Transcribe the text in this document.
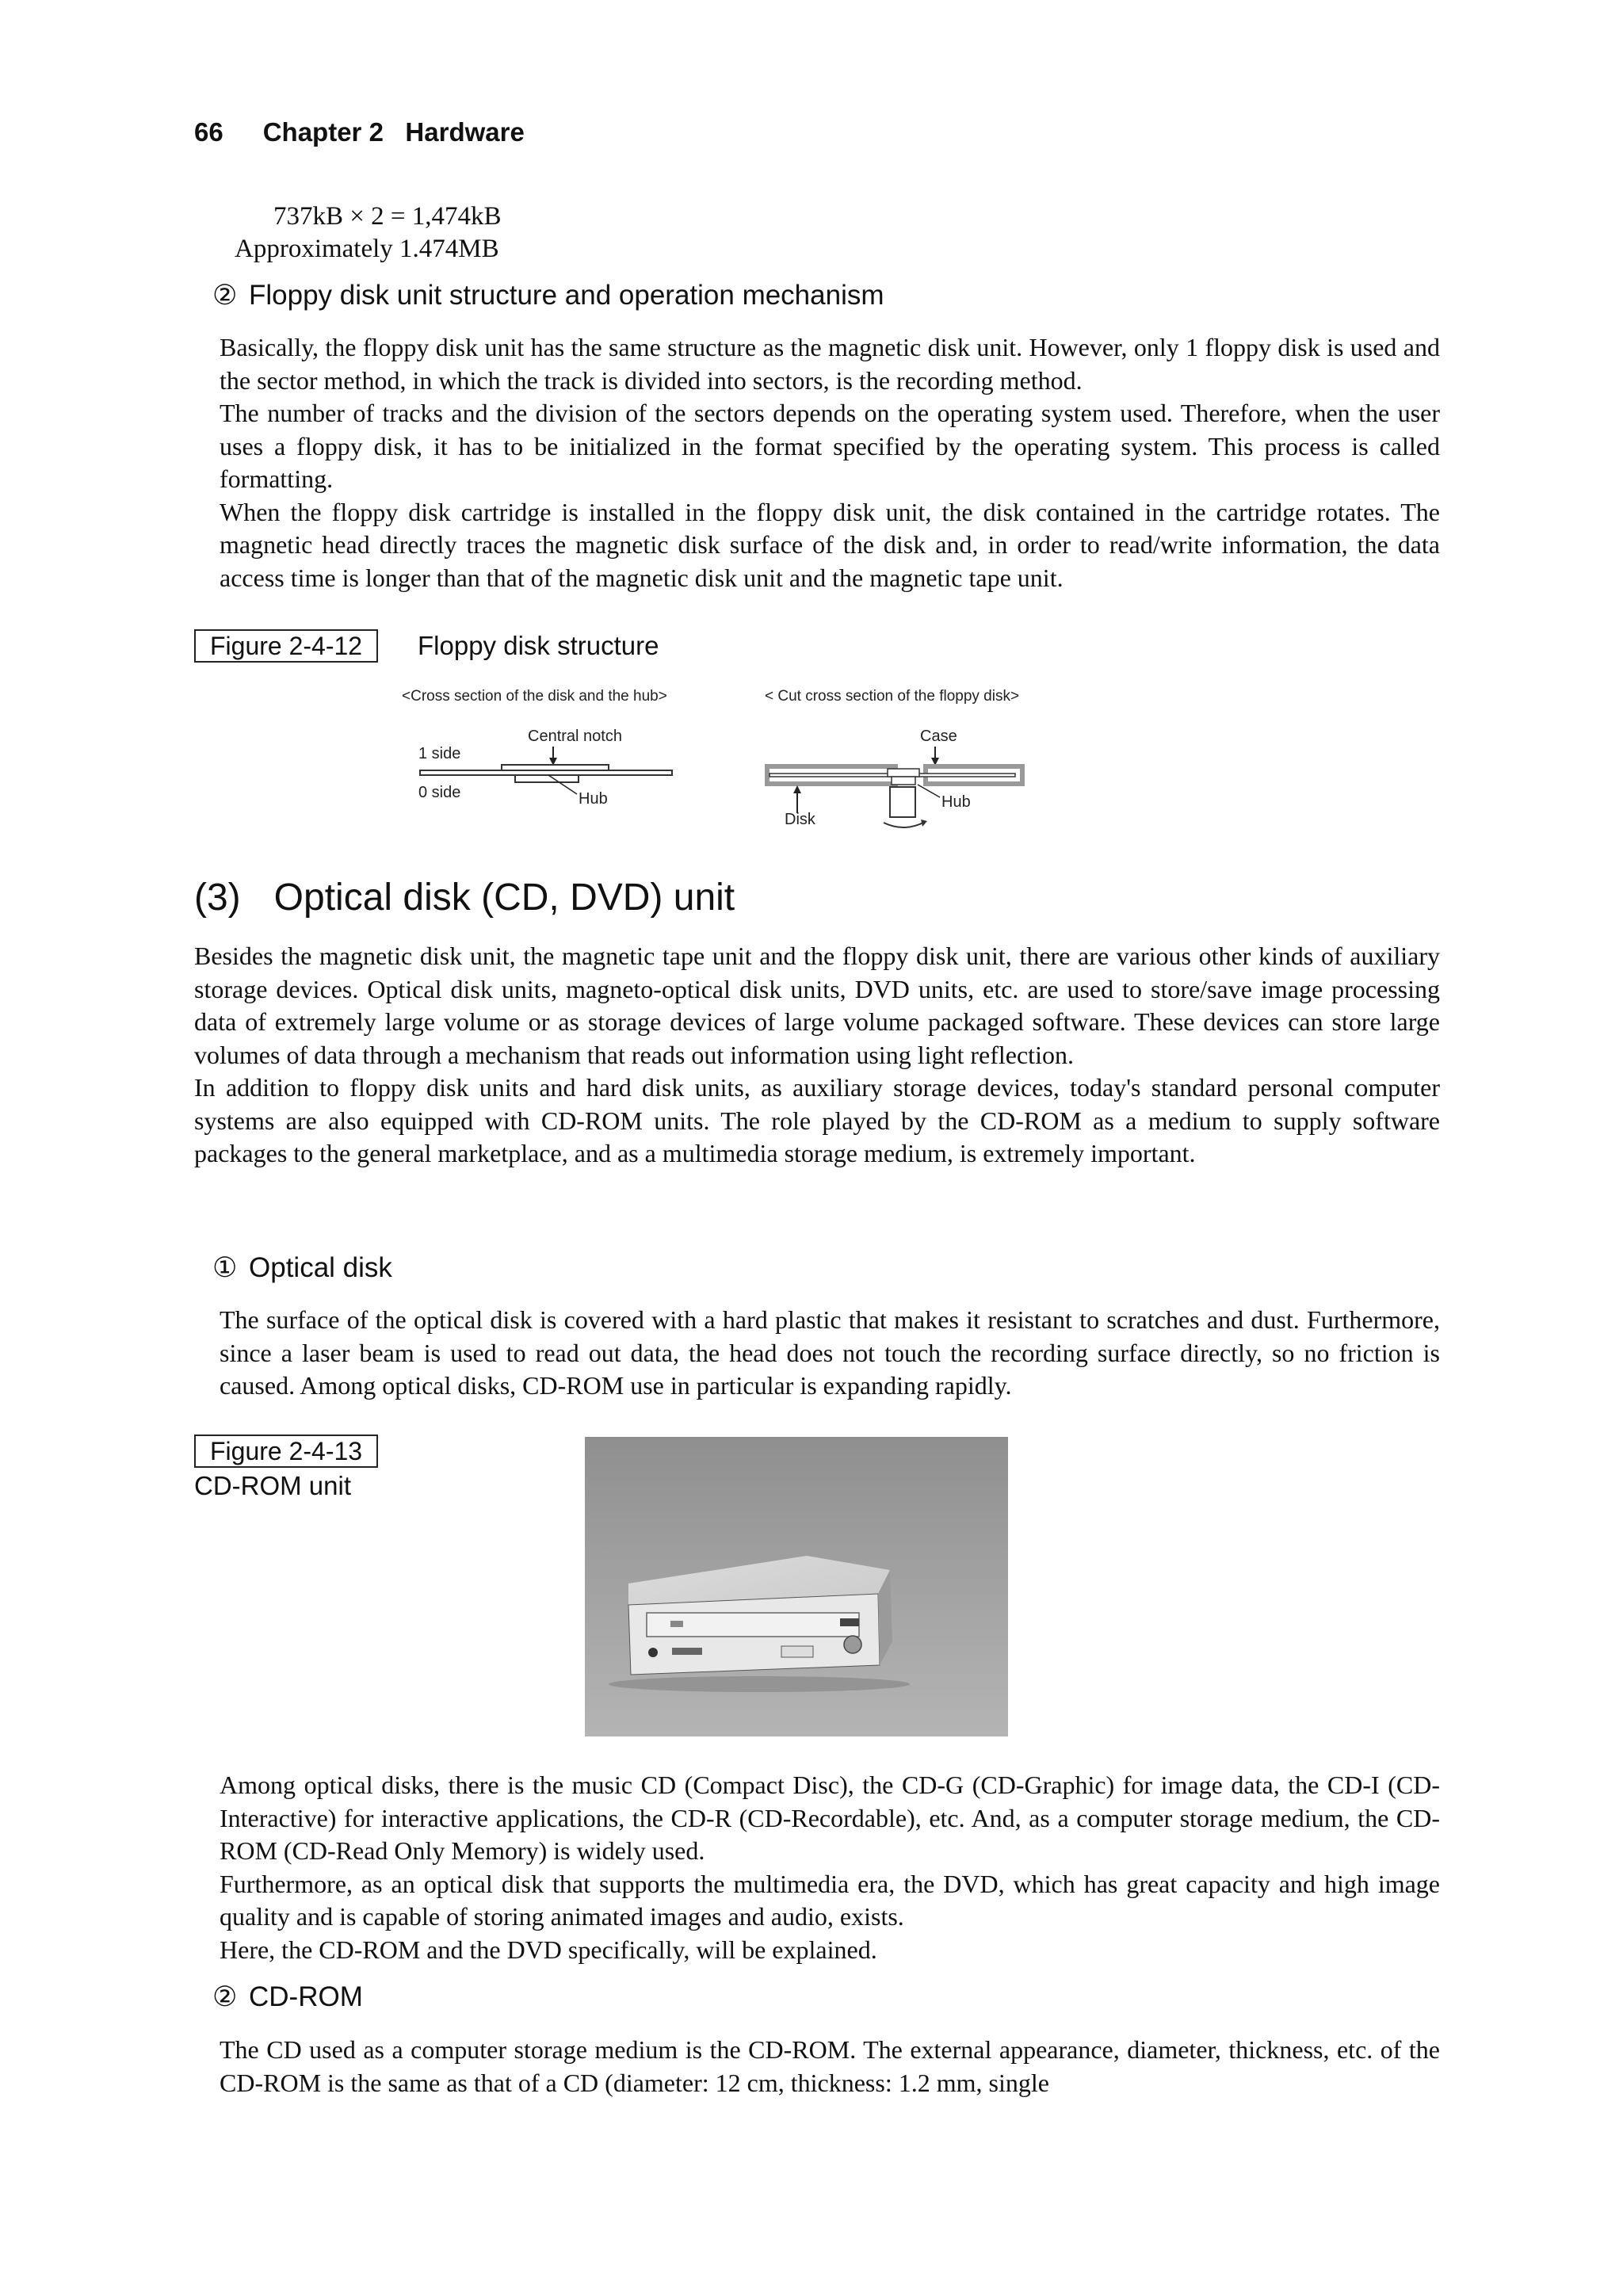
66 Chapter 2   Hardware
737kB × 2 = 1,474kB
Approximately 1.474MB
② Floppy disk unit structure and operation mechanism

Basically, the floppy disk unit has the same structure as the magnetic disk unit. However, only 1 floppy disk is used and the sector method, in which the track is divided into sectors, is the recording method.

The number of tracks and the division of the sectors depends on the operating system used. Therefore, when the user uses a floppy disk, it has to be initialized in the format specified by the operating system. This process is called formatting.

When the floppy disk cartridge is installed in the floppy disk unit, the disk contained in the cartridge rotates. The magnetic head directly traces the magnetic disk surface of the disk and, in order to read/write information, the data access time is longer than that of the magnetic disk unit and the magnetic tape unit.

Figure 2-4-12	Floppy disk structure
<Cross section of the disk and the hub>	< Cut cross section of the floppy disk>
Central notch
1 side
0 side	Hub
Case
Hub
Disk
(3) Optical disk (CD, DVD) unit

Besides the magnetic disk unit, the magnetic tape unit and the floppy disk unit, there are various other kinds of auxiliary storage devices. Optical disk units, magneto-optical disk units, DVD units, etc. are used to store/save image processing data of extremely large volume or as storage devices of large volume packaged software. These devices can store large volumes of data through a mechanism that reads out information using light reflection.

In addition to floppy disk units and hard disk units, as auxiliary storage devices, today's standard personal computer systems are also equipped with CD-ROM units. The role played by the CD-ROM as a medium to supply software packages to the general marketplace, and as a multimedia storage medium, is extremely important.

① Optical disk

The surface of the optical disk is covered with a hard plastic that makes it resistant to scratches and dust. Furthermore, since a laser beam is used to read out data, the head does not touch the recording surface directly, so no friction is caused. Among optical disks, CD-ROM use in particular is expanding rapidly.

Figure 2-4-13
CD-ROM unit

Among optical disks, there is the music CD (Compact Disc), the CD-G (CD-Graphic) for image data, the CD-I (CD-Interactive) for interactive applications, the CD-R (CD-Recordable), etc. And, as a computer storage medium, the CD-ROM (CD-Read Only Memory) is widely used.

Furthermore, as an optical disk that supports the multimedia era, the DVD, which has great capacity and high image quality and is capable of storing animated images and audio, exists.

Here, the CD-ROM and the DVD specifically, will be explained.

② CD-ROM

The CD used as a computer storage medium is the CD-ROM. The external appearance, diameter, thickness, etc. of the CD-ROM is the same as that of a CD (diameter: 12 cm, thickness: 1.2 mm, single
